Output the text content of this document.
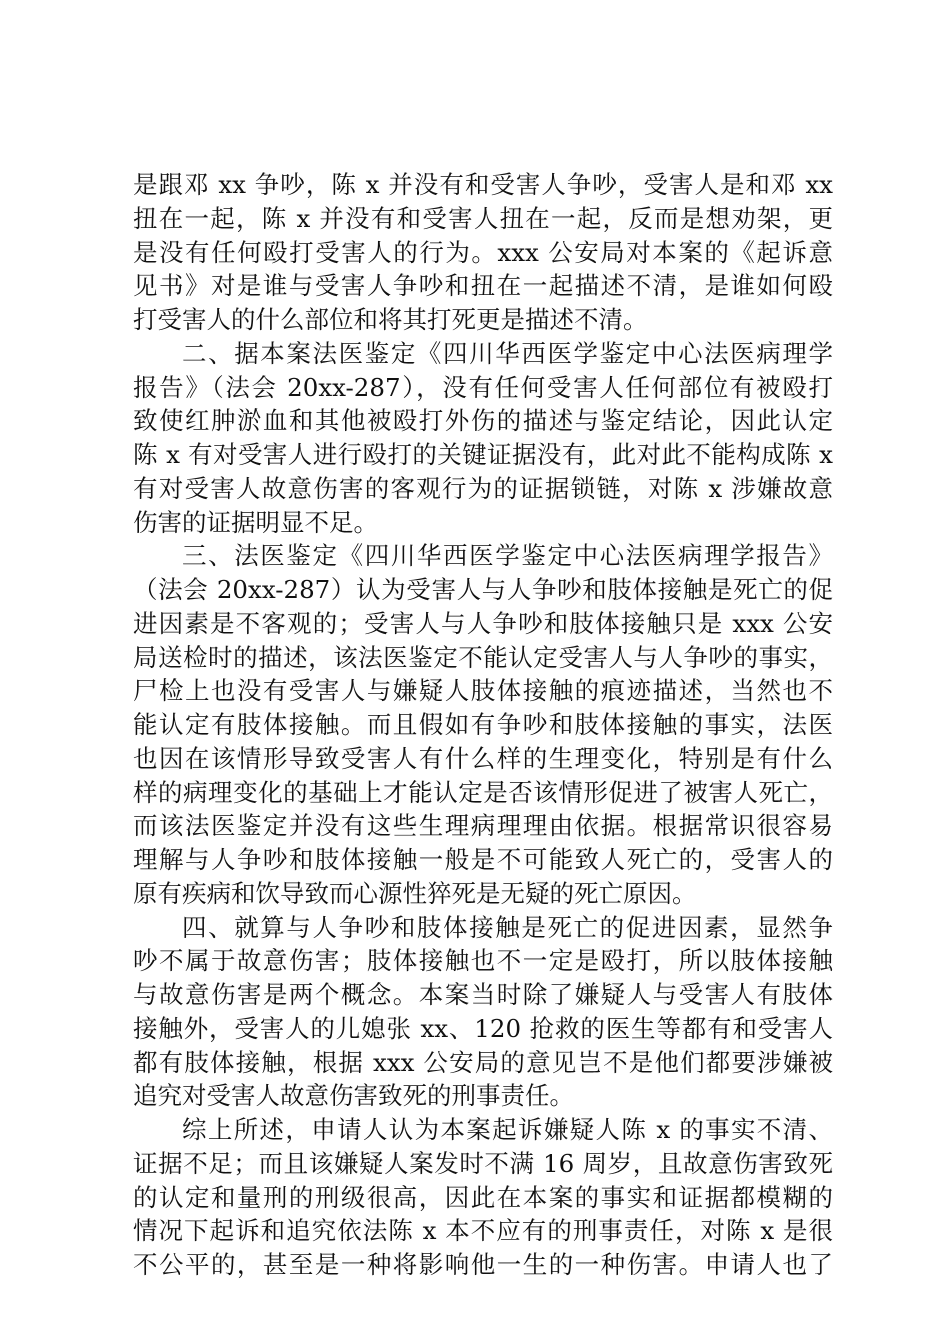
是跟邓 xx 争吵，陈 x 并没有和受害人争吵，受害人是和邓 xx
扭在一起，陈 x 并没有和受害人扭在一起，反而是想劝架，更
是没有任何殴打受害人的行为。xxx 公安局对本案的《起诉意
见书》对是谁与受害人争吵和扭在一起描述不清，是谁如何殴
打受害人的什么部位和将其打死更是描述不清。
二、据本案法医鉴定《四川华西医学鉴定中心法医病理学
报告》（法会 20xx-287），没有任何受害人任何部位有被殴打
致使红肿淤血和其他被殴打外伤的描述与鉴定结论，因此认定
陈 x 有对受害人进行殴打的关键证据没有，此对此不能构成陈 x
有对受害人故意伤害的客观行为的证据锁链，对陈 x 涉嫌故意
伤害的证据明显不足。
三、法医鉴定《四川华西医学鉴定中心法医病理学报告》
（法会 20xx-287）认为受害人与人争吵和肢体接触是死亡的促
进因素是不客观的；受害人与人争吵和肢体接触只是 xxx 公安
局送检时的描述，该法医鉴定不能认定受害人与人争吵的事实，
尸检上也没有受害人与嫌疑人肢体接触的痕迹描述，当然也不
能认定有肢体接触。而且假如有争吵和肢体接触的事实，法医
也因在该情形导致受害人有什么样的生理变化，特别是有什么
样的病理变化的基础上才能认定是否该情形促进了被害人死亡，
而该法医鉴定并没有这些生理病理理由依据。根据常识很容易
理解与人争吵和肢体接触一般是不可能致人死亡的，受害人的
原有疾病和饮导致而心源性猝死是无疑的死亡原因。
四、就算与人争吵和肢体接触是死亡的促进因素，显然争
吵不属于故意伤害；肢体接触也不一定是殴打，所以肢体接触
与故意伤害是两个概念。本案当时除了嫌疑人与受害人有肢体
接触外，受害人的儿媳张 xx、120 抢救的医生等都有和受害人
都有肢体接触，根据 xxx 公安局的意见岂不是他们都要涉嫌被
追究对受害人故意伤害致死的刑事责任。
综上所述，申请人认为本案起诉嫌疑人陈 x 的事实不清、
证据不足；而且该嫌疑人案发时不满 16 周岁，且故意伤害致死
的认定和量刑的刑级很高，因此在本案的事实和证据都模糊的
情况下起诉和追究依法陈 x 本不应有的刑事责任，对陈 x 是很
不公平的，甚至是一种将影响他一生的一种伤害。申请人也了
